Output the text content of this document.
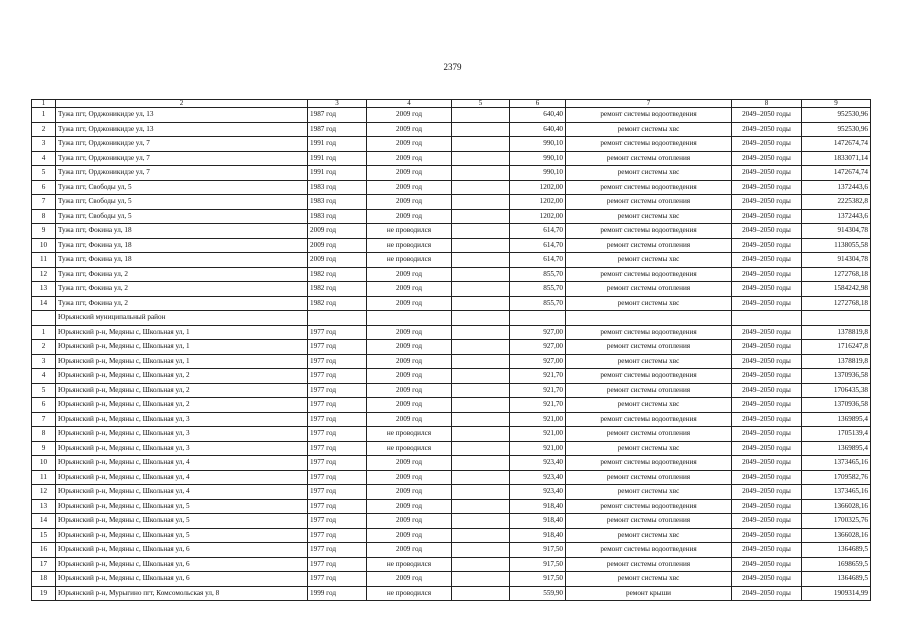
2379
1	2	3	4	5	6	7	8	9
1	Тужа пгт, Орджоникидзе ул, 13	1987 год	2009 год		640,40	ремонт системы водоотведения	2049–2050 годы	952530,96
2	Тужа пгт, Орджоникидзе ул, 13	1987 год	2009 год		640,40	ремонт системы хвс	2049–2050 годы	952530,96
3	Тужа пгт, Орджоникидзе ул, 7	1991 год	2009 год		990,10	ремонт системы водоотведения	2049–2050 годы	1472674,74
4	Тужа пгт, Орджоникидзе ул, 7	1991 год	2009 год		990,10	ремонт системы отопления	2049–2050 годы	1833071,14
5	Тужа пгт, Орджоникидзе ул, 7	1991 год	2009 год		990,10	ремонт системы хвс	2049–2050 годы	1472674,74
6	Тужа пгт, Свободы ул, 5	1983 год	2009 год		1202,00	ремонт системы водоотведения	2049–2050 годы	1372443,6
7	Тужа пгт, Свободы ул, 5	1983 год	2009 год		1202,00	ремонт системы отопления	2049–2050 годы	2225382,8
8	Тужа пгт, Свободы ул, 5	1983 год	2009 год		1202,00	ремонт системы хвс	2049–2050 годы	1372443,6
9	Тужа пгт, Фокина ул, 18	2009 год	не проводился		614,70	ремонт системы водоотведения	2049–2050 годы	914304,78
10	Тужа пгт, Фокина ул, 18	2009 год	не проводился		614,70	ремонт системы отопления	2049–2050 годы	1138055,58
11	Тужа пгт, Фокина ул, 18	2009 год	не проводился		614,70	ремонт системы хвс	2049–2050 годы	914304,78
12	Тужа пгт, Фокина ул, 2	1982 год	2009 год		855,70	ремонт системы водоотведения	2049–2050 годы	1272768,18
13	Тужа пгт, Фокина ул, 2	1982 год	2009 год		855,70	ремонт системы отопления	2049–2050 годы	1584242,98
14	Тужа пгт, Фокина ул, 2	1982 год	2009 год		855,70	ремонт системы хвс	2049–2050 годы	1272768,18
	Юрьянский муниципальный район							
1	Юрьянский р-н, Медяны с, Школьная ул, 1	1977 год	2009 год		927,00	ремонт системы водоотведения	2049–2050 годы	1378819,8
2	Юрьянский р-н, Медяны с, Школьная ул, 1	1977 год	2009 год		927,00	ремонт системы отопления	2049–2050 годы	1716247,8
3	Юрьянский р-н, Медяны с, Школьная ул, 1	1977 год	2009 год		927,00	ремонт системы хвс	2049–2050 годы	1378819,8
4	Юрьянский р-н, Медяны с, Школьная ул, 2	1977 год	2009 год		921,70	ремонт системы водоотведения	2049–2050 годы	1370936,58
5	Юрьянский р-н, Медяны с, Школьная ул, 2	1977 год	2009 год		921,70	ремонт системы отопления	2049–2050 годы	1706435,38
6	Юрьянский р-н, Медяны с, Школьная ул, 2	1977 год	2009 год		921,70	ремонт системы хвс	2049–2050 годы	1370936,58
7	Юрьянский р-н, Медяны с, Школьная ул, 3	1977 год	2009 год		921,00	ремонт системы водоотведения	2049–2050 годы	1369895,4
8	Юрьянский р-н, Медяны с, Школьная ул, 3	1977 год	не проводился		921,00	ремонт системы отопления	2049–2050 годы	1705139,4
9	Юрьянский р-н, Медяны с, Школьная ул, 3	1977 год	не проводился		921,00	ремонт системы хвс	2049–2050 годы	1369895,4
10	Юрьянский р-н, Медяны с, Школьная ул, 4	1977 год	2009 год		923,40	ремонт системы водоотведения	2049–2050 годы	1373465,16
11	Юрьянский р-н, Медяны с, Школьная ул, 4	1977 год	2009 год		923,40	ремонт системы отопления	2049–2050 годы	1709582,76
12	Юрьянский р-н, Медяны с, Школьная ул, 4	1977 год	2009 год		923,40	ремонт системы хвс	2049–2050 годы	1373465,16
13	Юрьянский р-н, Медяны с, Школьная ул, 5	1977 год	2009 год		918,40	ремонт системы водоотведения	2049–2050 годы	1366028,16
14	Юрьянский р-н, Медяны с, Школьная ул, 5	1977 год	2009 год		918,40	ремонт системы отопления	2049–2050 годы	1700325,76
15	Юрьянский р-н, Медяны с, Школьная ул, 5	1977 год	2009 год		918,40	ремонт системы хвс	2049–2050 годы	1366028,16
16	Юрьянский р-н, Медяны с, Школьная ул, 6	1977 год	2009 год		917,50	ремонт системы водоотведения	2049–2050 годы	1364689,5
17	Юрьянский р-н, Медяны с, Школьная ул, 6	1977 год	не проводился		917,50	ремонт системы отопления	2049–2050 годы	1698659,5
18	Юрьянский р-н, Медяны с, Школьная ул, 6	1977 год	2009 год		917,50	ремонт системы хвс	2049–2050 годы	1364689,5
19	Юрьянский р-н, Мурыгино пгт, Комсомольская ул, 8	1999 год	не проводился		559,90	ремонт крыши	2049–2050 годы	1909314,99
